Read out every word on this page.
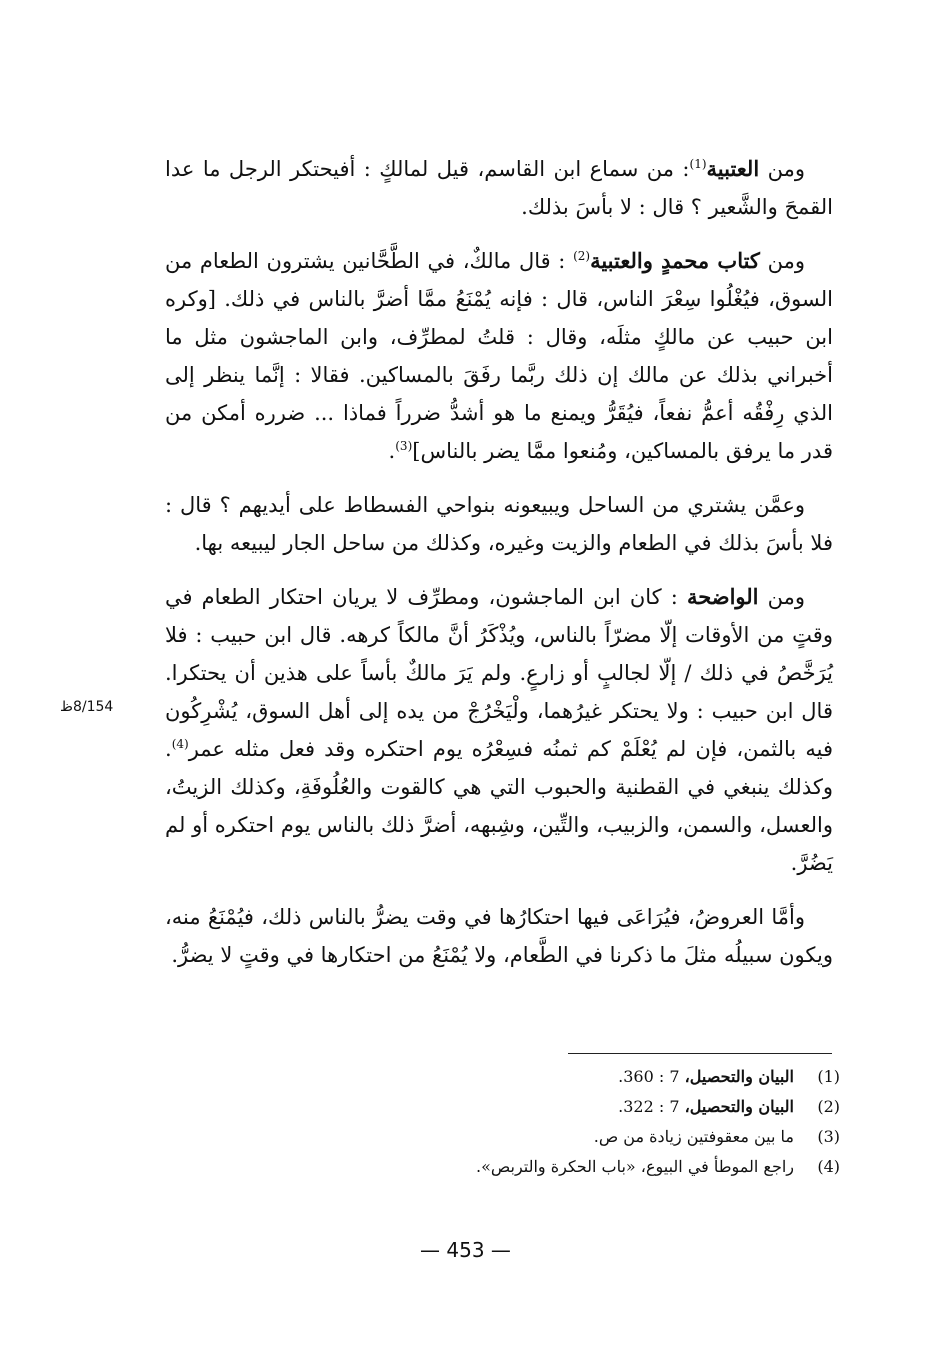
ومن العتبية$^{(1)}$: من سماع ابن القاسم، قيل لمالكٍ : أفيحتكر الرجل ما عدا القمحَ والشَّعير ؟ قال : لا بأسَ بذلك.

ومن كتاب محمدٍ والعتبية$^{(2)}$ : قال مالكٌ، في الطَّحَّانين يشترون الطعام من السوق، فيُغْلُوا سِعْرَ الناس، قال : فإنه يُمْنَعُ ممَّا أضرَّ بالناس في ذلك. [وكره ابن حبيب عن مالكٍ مثلَه، وقال : قلتُ لمطرِّف، وابن الماجشون مثل ما أخبراني بذلك عن مالك إن ذلك ربَّما رفَقَ بالمساكين. فقالا : إنَّما ينظر إلى الذي رِفْقُه أعمُّ نفعاً، فيُقَرُّ ويمنع ما هو أشدُّ ضرراً فماذا ... ضرره أمكن من قدر ما يرفق بالمساكين، ومُنعوا ممَّا يضر بالناس]$^{(3)}$.

وعمَّن يشتري من الساحل ويبيعونه بنواحي الفسطاط على أيديهم ؟ قال : فلا بأسَ بذلك في الطعام والزيت وغيره، وكذلك من ساحل الجار ليبيعه بها.

ومن الواضحة : كان ابن الماجشون، ومطرِّف لا يريان احتكار الطعام في وقتٍ من الأوقات إلّا مضرّاً بالناس، ويُذْكَرُ أنَّ مالكاً كرهه. قال ابن حبيب : فلا يُرَخَّصُ في ذلك / إلّا لجالبٍ أو زارعٍ. ولم يَرَ مالكٌ بأساً على هذين أن يحتكرا. قال ابن حبيب : ولا يحتكر غيرُهما، ولْيَخْرُجْ من يده إلى أهل السوق، يُشْرِكُون فيه بالثمن، فإن لم يُعْلَمْ كم ثمنُه فسِعْرُه يوم احتكره وقد فعل مثله عمر$^{(4)}$. وكذلك ينبغي في القطنية والحبوب التي هي كالقوت والعُلُوفَةِ، وكذلك الزيتُ، والعسل، والسمن، والزبيب، والتِّين، وشِبهه، أضرَّ ذلك بالناس يوم احتكره أو لم يَضُرَّ.

وأمَّا العروضُ، فيُرَاعَى فيها احتكارُها في وقت يضرُّ بالناس ذلك، فيُمْنَعُ منه، ويكون سبيلُه مثلَ ما ذكرنا في الطَّعام، ولا يُمْنَعُ من احتكارها في وقتٍ لا يضرُّ.

8/154ظ
(1)
البيان والتحصيل، 7 : 360.
(2)
البيان والتحصيل، 7 : 322.
(3)
ما بين معقوفتين زيادة من ص.
(4)
راجع الموطأ في البيوع، «باب الحكرة والتربص».
— 453 —
